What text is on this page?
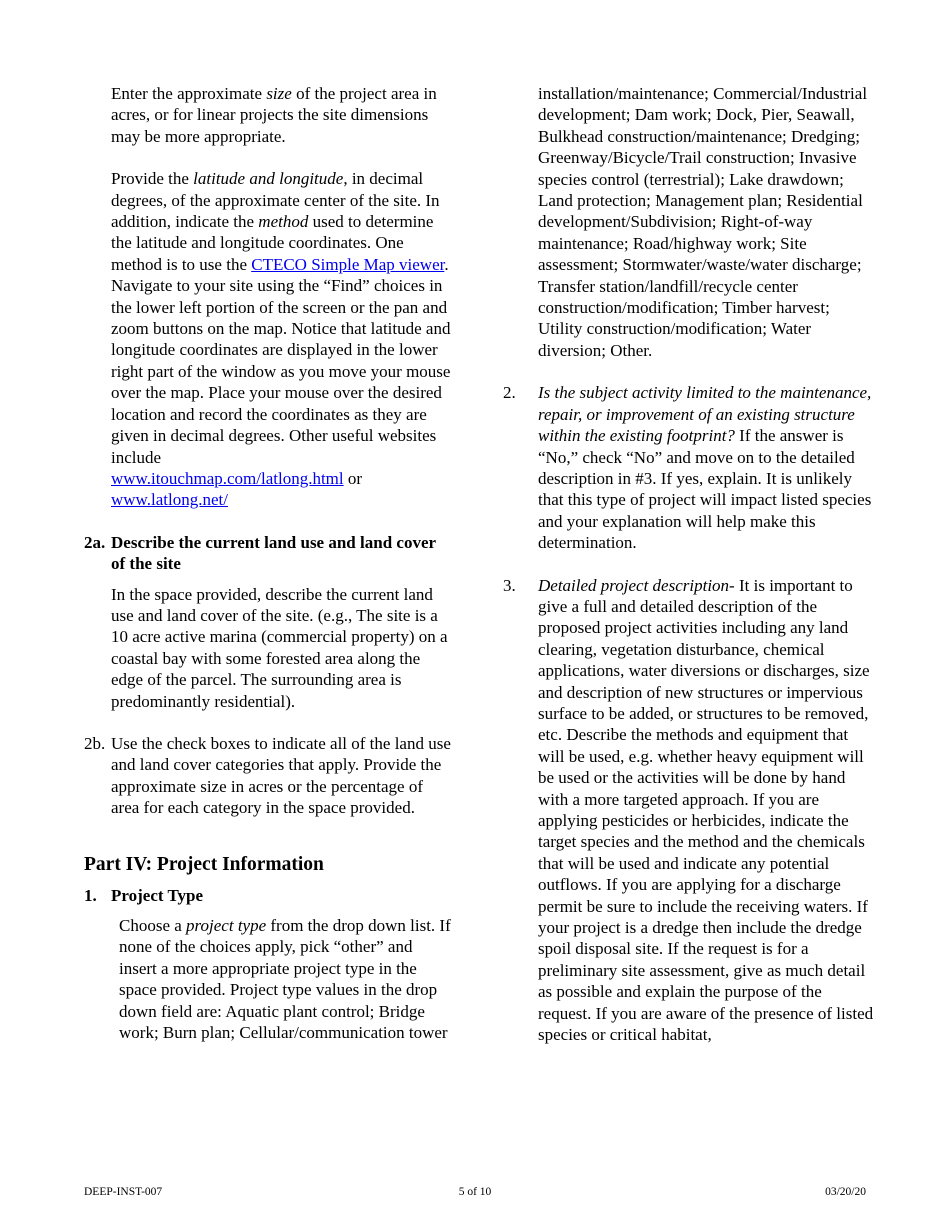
Enter the approximate size of the project area in acres, or for linear projects the site dimensions may be more appropriate.

Provide the latitude and longitude, in decimal degrees, of the approximate center of the site. In addition, indicate the method used to determine the latitude and longitude coordinates. One method is to use the CTECO Simple Map viewer. Navigate to your site using the “Find” choices in the lower left portion of the screen or the pan and zoom buttons on the map. Notice that latitude and longitude coordinates are displayed in the lower right part of the window as you move your mouse over the map. Place your mouse over the desired location and record the coordinates as they are given in decimal degrees. Other useful websites include
www.itouchmap.com/latlong.html or
www.latlong.net/

2a. Describe the current land use and land cover of the site

In the space provided, describe the current land use and land cover of the site. (e.g., The site is a 10 acre active marina (commercial property) on a coastal bay with some forested area along the edge of the parcel. The surrounding area is predominantly residential).

2b. Use the check boxes to indicate all of the land use and land cover categories that apply. Provide the approximate size in acres or the percentage of area for each category in the space provided.

Part IV: Project Information

1. Project Type

Choose a project type from the drop down list. If none of the choices apply, pick “other” and insert a more appropriate project type in the space provided. Project type values in the drop down field are: Aquatic plant control; Bridge work; Burn plan; Cellular/communication tower

installation/maintenance; Commercial/Industrial development; Dam work; Dock, Pier, Seawall, Bulkhead construction/maintenance; Dredging; Greenway/Bicycle/Trail construction; Invasive species control (terrestrial); Lake drawdown; Land protection; Management plan; Residential development/Subdivision; Right-of-way maintenance; Road/highway work; Site assessment; Stormwater/waste/water discharge; Transfer station/landfill/recycle center construction/modification; Timber harvest; Utility construction/modification; Water diversion; Other.

2.	Is the subject activity limited to the maintenance, repair, or improvement of an existing structure within the existing footprint? If the answer is “No,” check “No” and move on to the detailed description in #3. If yes, explain. It is unlikely that this type of project will impact listed species and your explanation will help make this determination.

3.	Detailed project description- It is important to give a full and detailed description of the proposed project activities including any land clearing, vegetation disturbance, chemical applications, water diversions or discharges, size and description of new structures or impervious surface to be added, or structures to be removed, etc. Describe the methods and equipment that will be used, e.g. whether heavy equipment will be used or the activities will be done by hand with a more targeted approach. If you are applying pesticides or herbicides, indicate the target species and the method and the chemicals that will be used and indicate any potential outflows. If you are applying for a discharge permit be sure to include the receiving waters. If your project is a dredge then include the dredge spoil disposal site. If the request is for a preliminary site assessment, give as much detail as possible and explain the purpose of the request. If you are aware of the presence of listed species or critical habitat,

DEEP-INST-007	5 of 10	03/20/20
